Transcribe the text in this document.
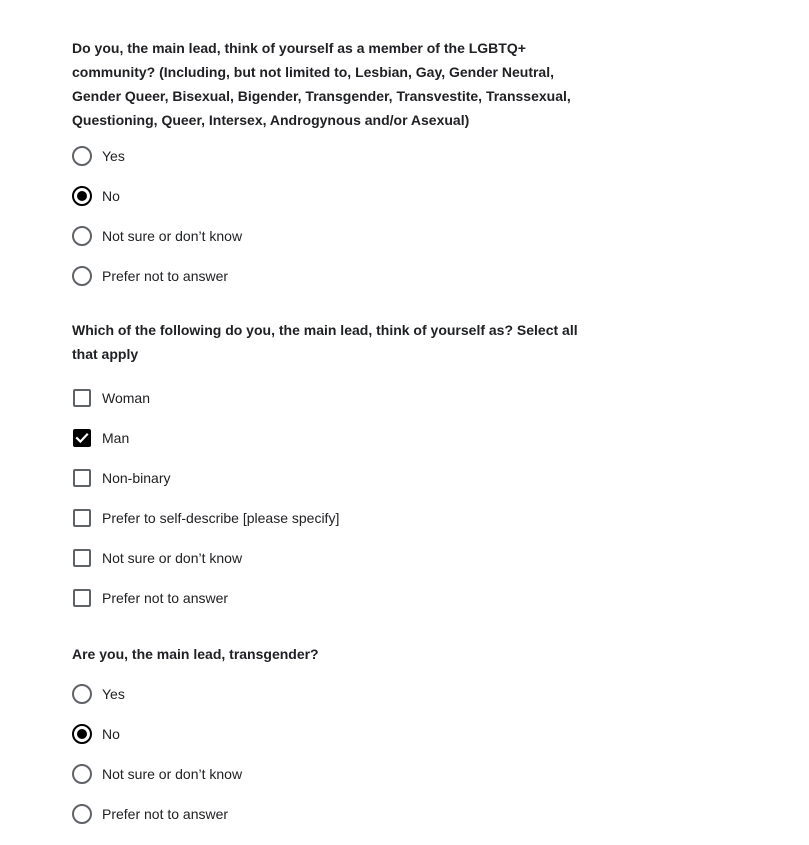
Do you, the main lead, think of yourself as a member of the LGBTQ+ community? (Including, but not limited to, Lesbian, Gay, Gender Neutral, Gender Queer, Bisexual, Bigender, Transgender, Transvestite, Transsexual, Questioning, Queer, Intersex, Androgynous and/or Asexual)

Yes
No
Not sure or don’t know
Prefer not to answer

Which of the following do you, the main lead, think of yourself as? Select all that apply

Woman
Man
Non-binary
Prefer to self-describe [please specify]
Not sure or don’t know
Prefer not to answer

Are you, the main lead, transgender?

Yes
No
Not sure or don’t know
Prefer not to answer
